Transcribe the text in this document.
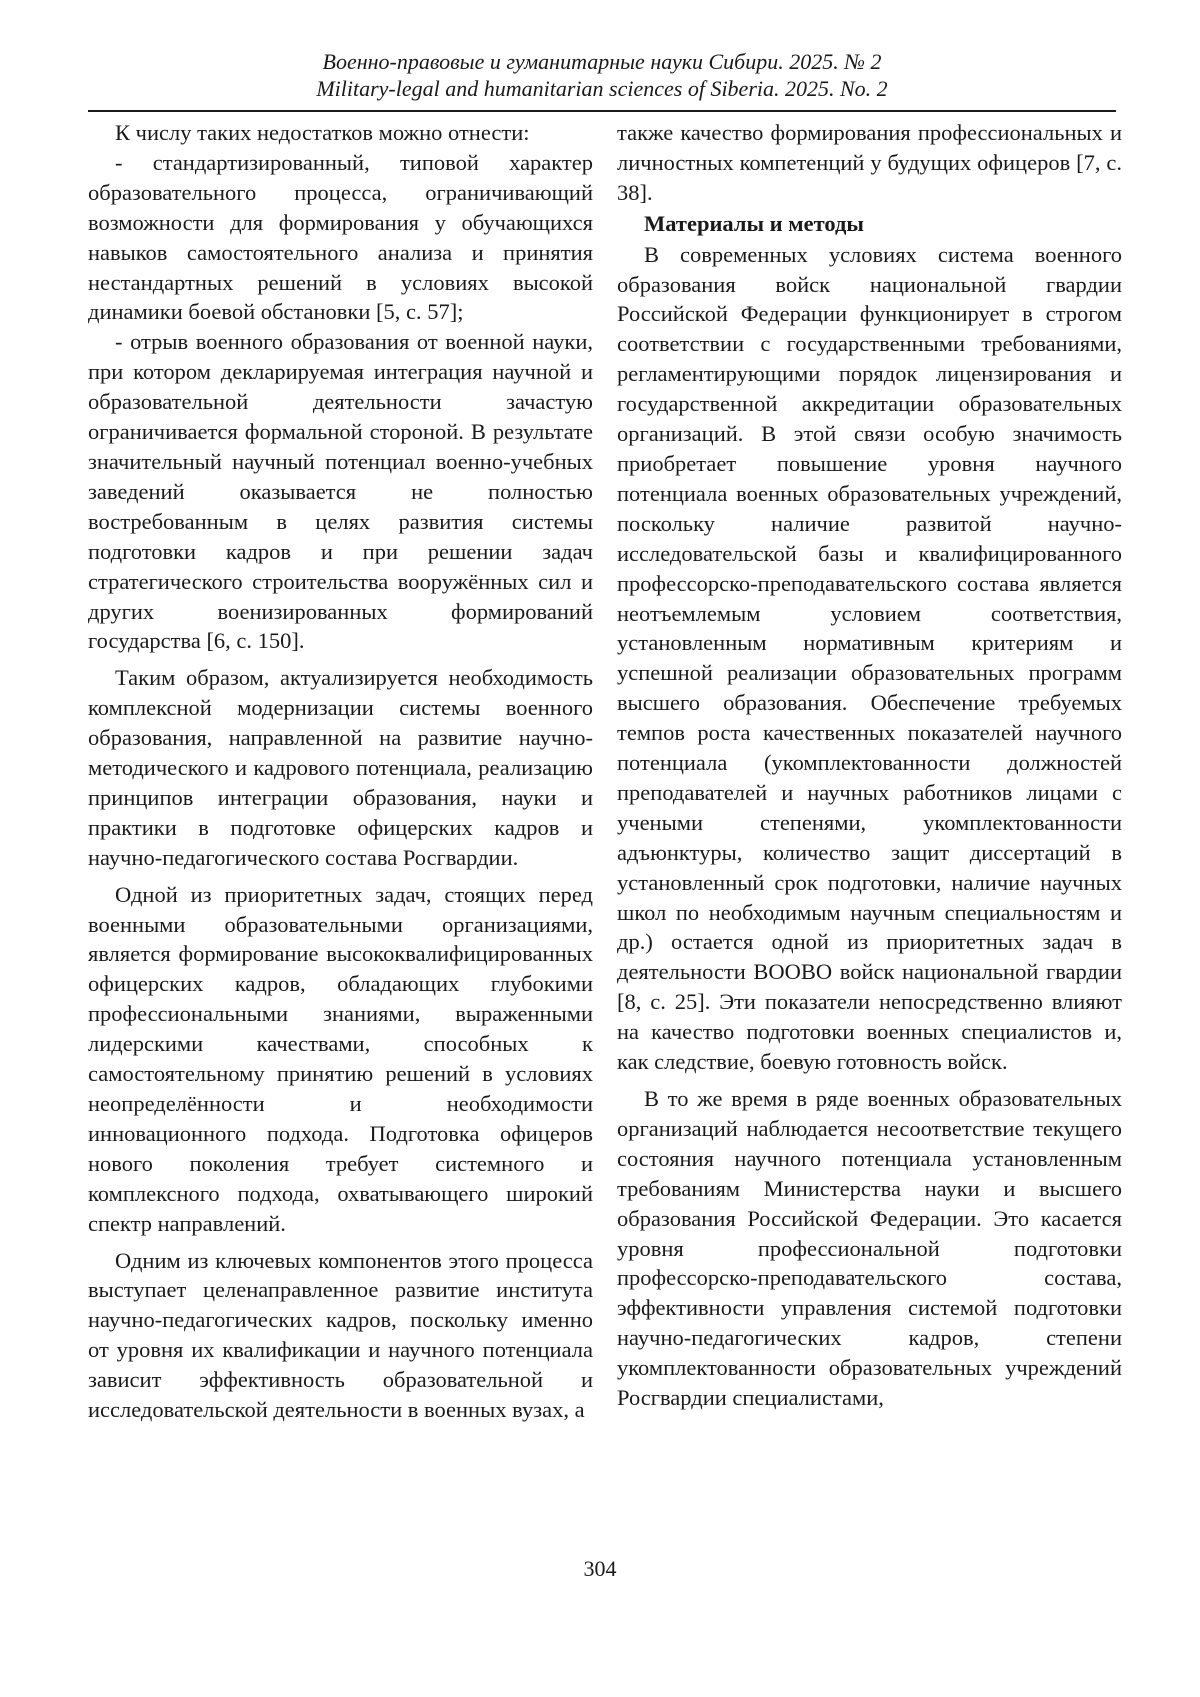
Военно-правовые и гуманитарные науки Сибири. 2025. № 2
Military-legal and humanitarian sciences of Siberia. 2025. No. 2

К числу таких недостатков можно отнести:

- стандартизированный, типовой характер образовательного процесса, ограничивающий возможности для формирования у обучающихся навыков самостоятельного анализа и принятия нестандартных решений в условиях высокой динамики боевой обстановки [5, с. 57];

- отрыв военного образования от военной науки, при котором декларируемая интеграция научной и образовательной деятельности зачастую ограничивается формальной стороной. В результате значительный научный потенциал военно-учебных заведений оказывается не полностью востребованным в целях развития системы подготовки кадров и при решении задач стратегического строительства вооружённых сил и других военизированных формирований государства [6, с. 150].

Таким образом, актуализируется необходимость комплексной модернизации системы военного образования, направленной на развитие научно-методического и кадрового потенциала, реализацию принципов интеграции образования, науки и практики в подготовке офицерских кадров и научно-педагогического состава Росгвардии.

Одной из приоритетных задач, стоящих перед военными образовательными организациями, является формирование высококвалифицированных офицерских кадров, обладающих глубокими профессиональными знаниями, выраженными лидерскими качествами, способных к самостоятельному принятию решений в условиях неопределённости и необходимости инновационного подхода. Подготовка офицеров нового поколения требует системного и комплексного подхода, охватывающего широкий спектр направлений.

Одним из ключевых компонентов этого процесса выступает целенаправленное развитие института научно-педагогических кадров, поскольку именно от уровня их квалификации и научного потенциала зависит эффективность образовательной и исследовательской деятельности в военных вузах, а

также качество формирования профессиональных и личностных компетенций у будущих офицеров [7, с. 38].

Материалы и методы

В современных условиях система военного образования войск национальной гвардии Российской Федерации функционирует в строгом соответствии с государственными требованиями, регламентирующими порядок лицензирования и государственной аккредитации образовательных организаций. В этой связи особую значимость приобретает повышение уровня научного потенциала военных образовательных учреждений, поскольку наличие развитой научно-исследовательской базы и квалифицированного профессорско-преподавательского состава является неотъемлемым условием соответствия, установленным нормативным критериям и успешной реализации образовательных программ высшего образования. Обеспечение требуемых темпов роста качественных показателей научного потенциала (укомплектованности должностей преподавателей и научных работников лицами с учеными степенями, укомплектованности адъюнктуры, количество защит диссертаций в установленный срок подготовки, наличие научных школ по необходимым научным специальностям и др.) остается одной из приоритетных задач в деятельности ВООВО войск национальной гвардии [8, с. 25]. Эти показатели непосредственно влияют на качество подготовки военных специалистов и, как следствие, боевую готовность войск.

В то же время в ряде военных образовательных организаций наблюдается несоответствие текущего состояния научного потенциала установленным требованиям Министерства науки и высшего образования Российской Федерации. Это касается уровня профессиональной подготовки профессорско-преподавательского состава, эффективности управления системой подготовки научно-педагогических кадров, степени укомплектованности образовательных учреждений Росгвардии специалистами,

304
